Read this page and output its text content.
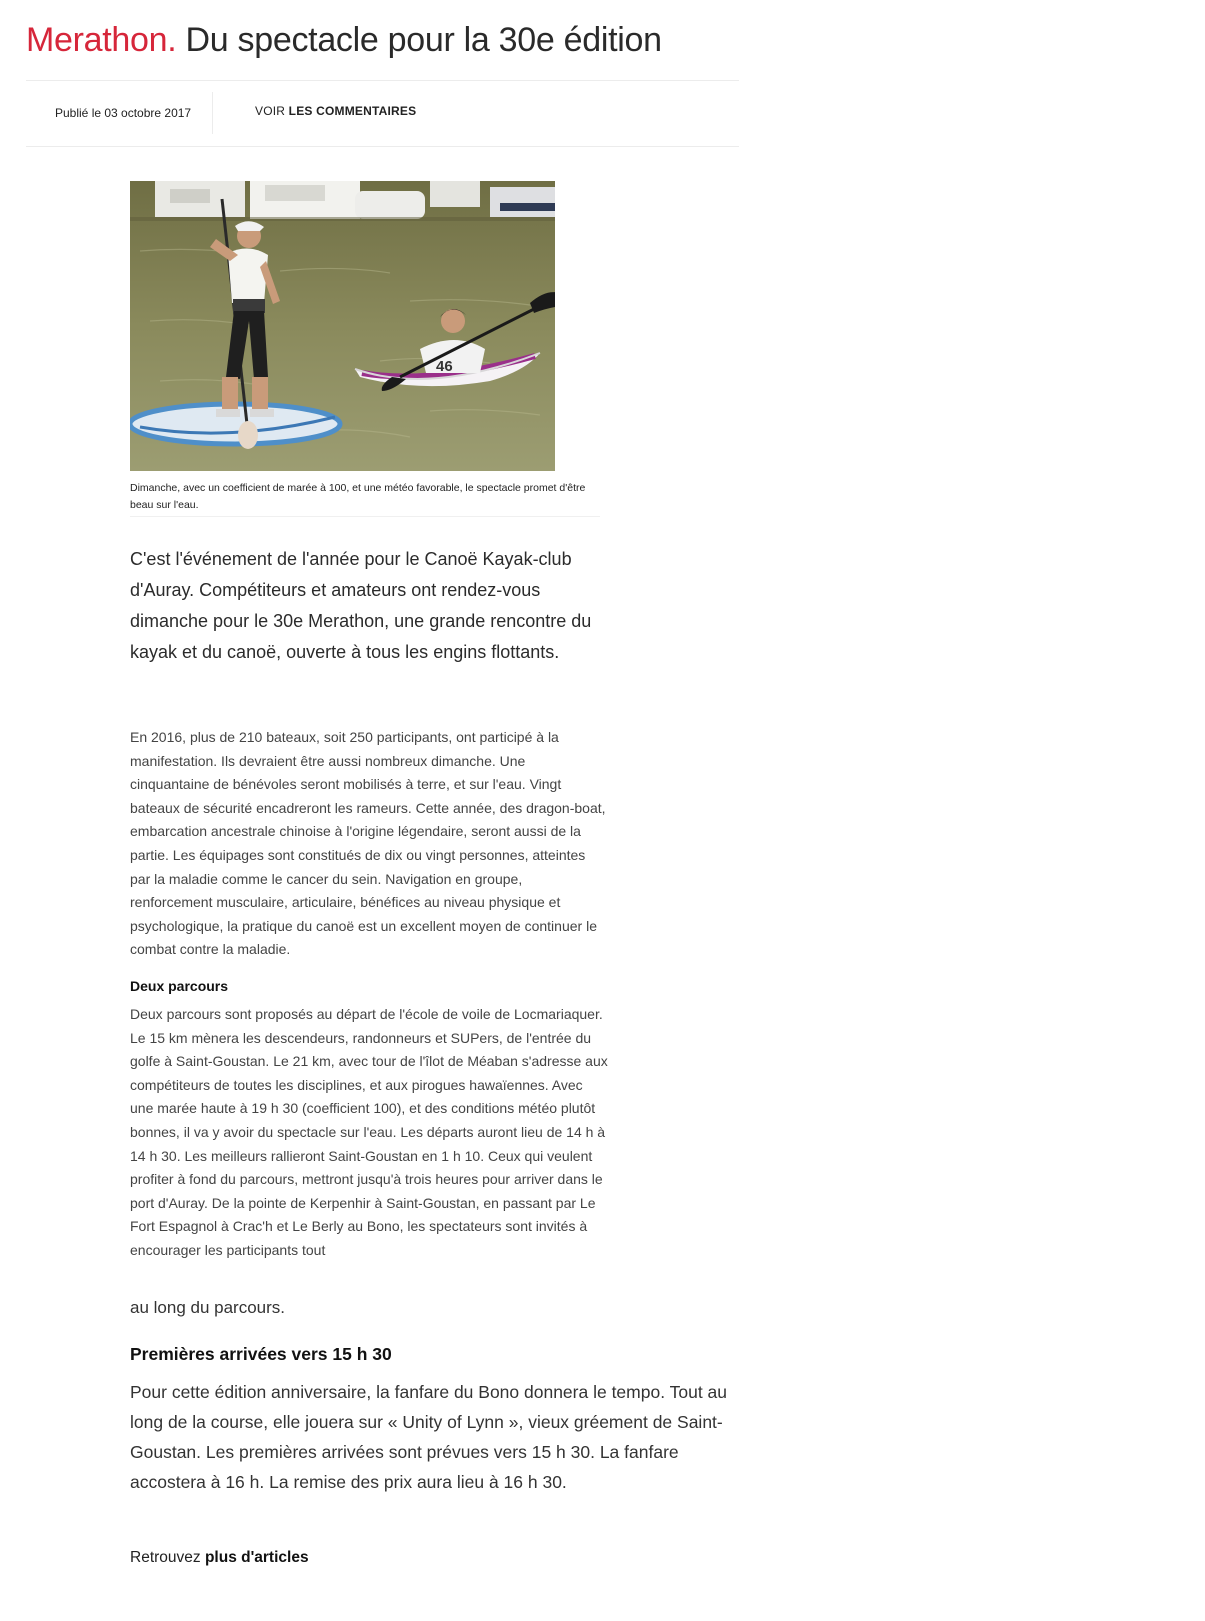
Merathon. Du spectacle pour la 30e édition
Publié le 03 octobre 2017	VOIR LES COMMENTAIRES
46

Dimanche, avec un coefficient de marée à 100, et une météo favorable, le spectacle promet d'être beau sur l'eau.

C'est l'événement de l'année pour le Canoë Kayak-club d'Auray. Compétiteurs et amateurs ont rendez-vous dimanche pour le 30e Merathon, une grande rencontre du kayak et du canoë, ouverte à tous les engins flottants.

En 2016, plus de 210 bateaux, soit 250 participants, ont participé à la manifestation. Ils devraient être aussi nombreux dimanche. Une cinquantaine de bénévoles seront mobilisés à terre, et sur l'eau. Vingt bateaux de sécurité encadreront les rameurs. Cette année, des dragon-boat, embarcation ancestrale chinoise à l'origine légendaire, seront aussi de la partie. Les équipages sont constitués de dix ou vingt personnes, atteintes par la maladie comme le cancer du sein. Navigation en groupe, renforcement musculaire, articulaire, bénéfices au niveau physique et psychologique, la pratique du canoë est un excellent moyen de continuer le combat contre la maladie.

Deux parcours

Deux parcours sont proposés au départ de l'école de voile de Locmariaquer. Le 15 km mènera les descendeurs, randonneurs et SUPers, de l'entrée du golfe à Saint-Goustan. Le 21 km, avec tour de l'îlot de Méaban s'adresse aux compétiteurs de toutes les disciplines, et aux pirogues hawaïennes. Avec une marée haute à 19 h 30 (coefficient 100), et des conditions météo plutôt bonnes, il va y avoir du spectacle sur l'eau. Les départs auront lieu de 14 h à 14 h 30. Les meilleurs rallieront Saint-Goustan en 1 h 10. Ceux qui veulent profiter à fond du parcours, mettront jusqu'à trois heures pour arriver dans le port d'Auray. De la pointe de Kerpenhir à Saint-Goustan, en passant par Le Fort Espagnol à Crac'h et Le Berly au Bono, les spectateurs sont invités à encourager les participants tout

au long du parcours.

Premières arrivées vers 15 h 30

Pour cette édition anniversaire, la fanfare du Bono donnera le tempo. Tout au long de la course, elle jouera sur « Unity of Lynn », vieux gréement de Saint-Goustan. Les premières arrivées sont prévues vers 15 h 30. La fanfare accostera à 16 h. La remise des prix aura lieu à 16 h 30.

Retrouvez plus d'articles
